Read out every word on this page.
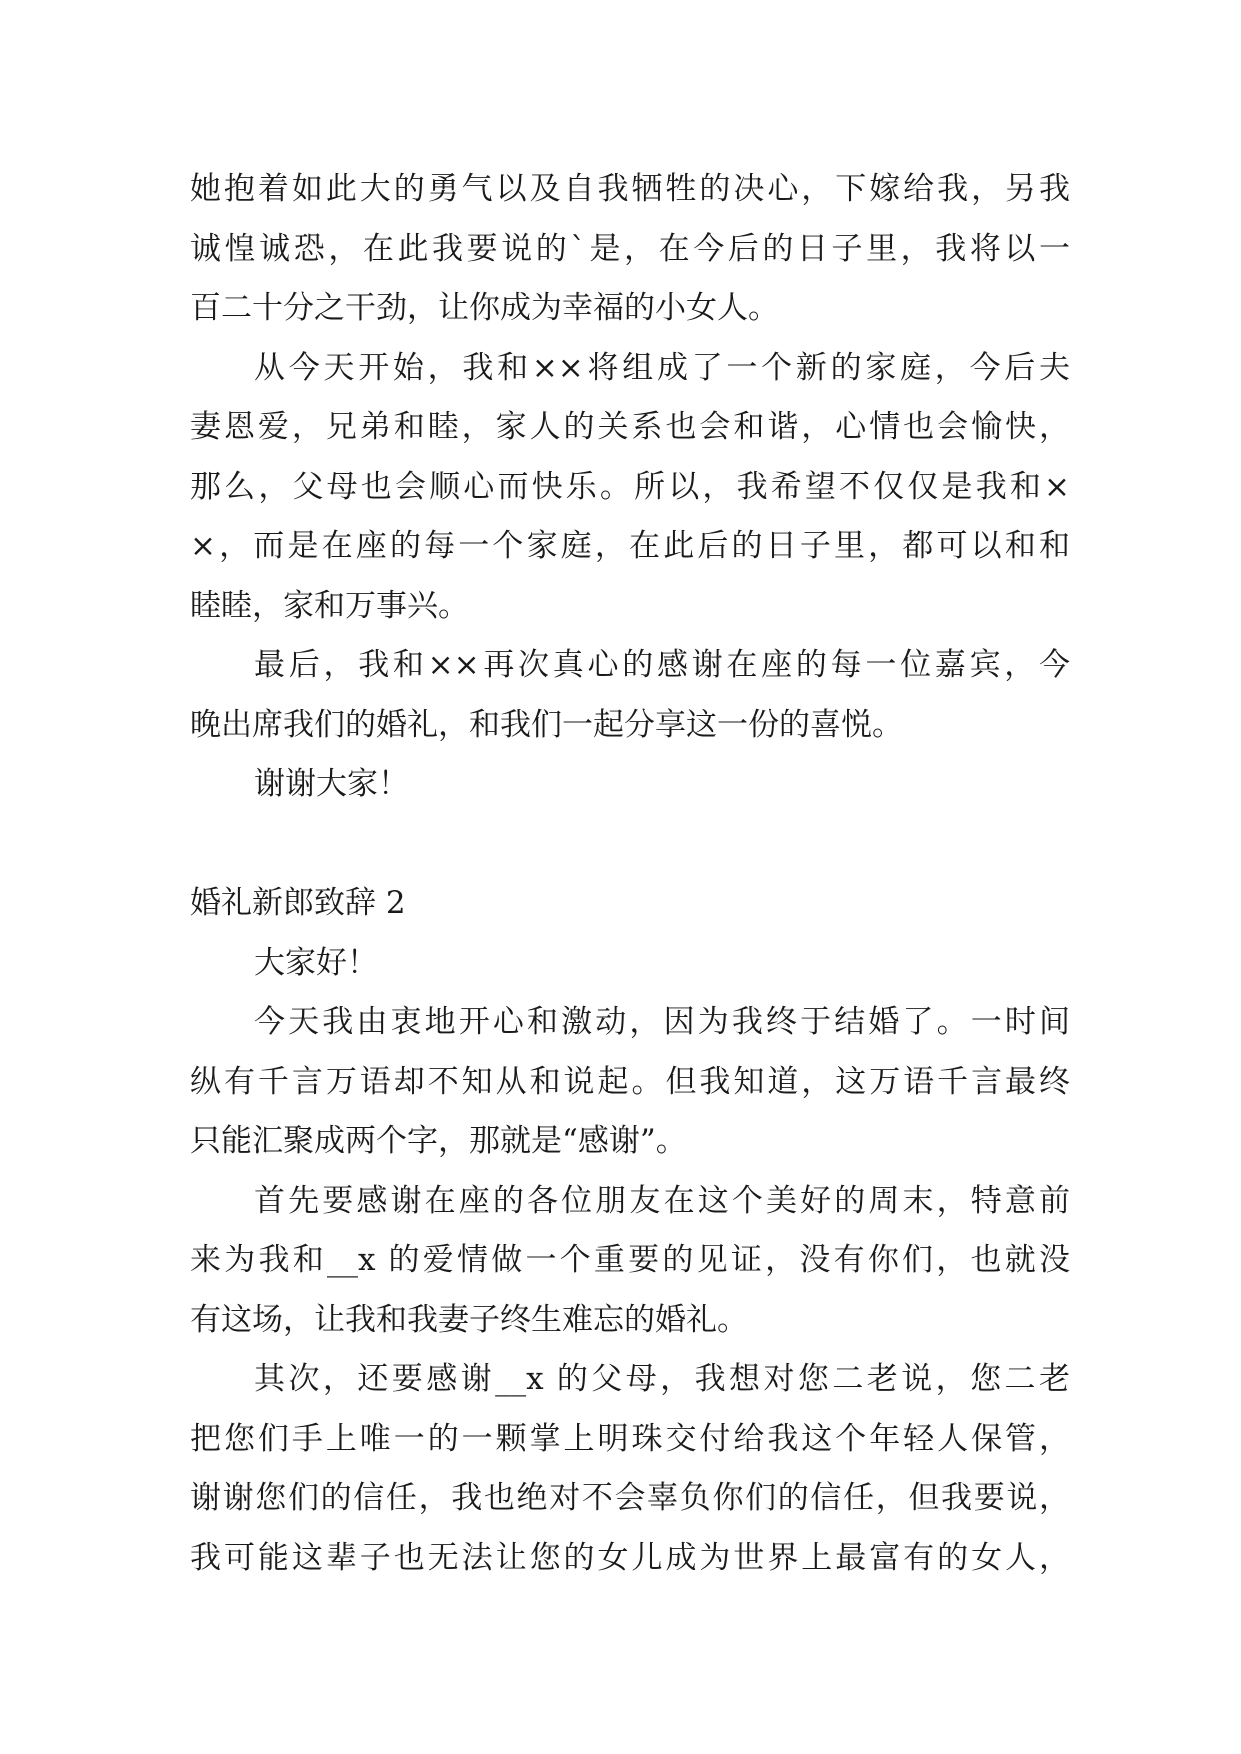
她抱着如此大的勇气以及自我牺牲的决心，下嫁给我，另我
诚惶诚恐，在此我要说的`是，在今后的日子里，我将以一
百二十分之干劲，让你成为幸福的小女人。
从今天开始，我和××将组成了一个新的家庭，今后夫
妻恩爱，兄弟和睦，家人的关系也会和谐，心情也会愉快，
那么，父母也会顺心而快乐。所以，我希望不仅仅是我和×
×，而是在座的每一个家庭，在此后的日子里，都可以和和
睦睦，家和万事兴。
最后，我和××再次真心的感谢在座的每一位嘉宾，今
晚出席我们的婚礼，和我们一起分享这一份的喜悦。
谢谢大家！
婚礼新郎致辞 2
大家好！
今天我由衷地开心和激动，因为我终于结婚了。一时间
纵有千言万语却不知从和说起。但我知道，这万语千言最终
只能汇聚成两个字，那就是“感谢”。
首先要感谢在座的各位朋友在这个美好的周末，特意前
来为我和__x 的爱情做一个重要的见证，没有你们，也就没
有这场，让我和我妻子终生难忘的婚礼。
其次，还要感谢__x 的父母，我想对您二老说，您二老
把您们手上唯一的一颗掌上明珠交付给我这个年轻人保管，
谢谢您们的信任，我也绝对不会辜负你们的信任，但我要说，
我可能这辈子也无法让您的女儿成为世界上最富有的女人，
